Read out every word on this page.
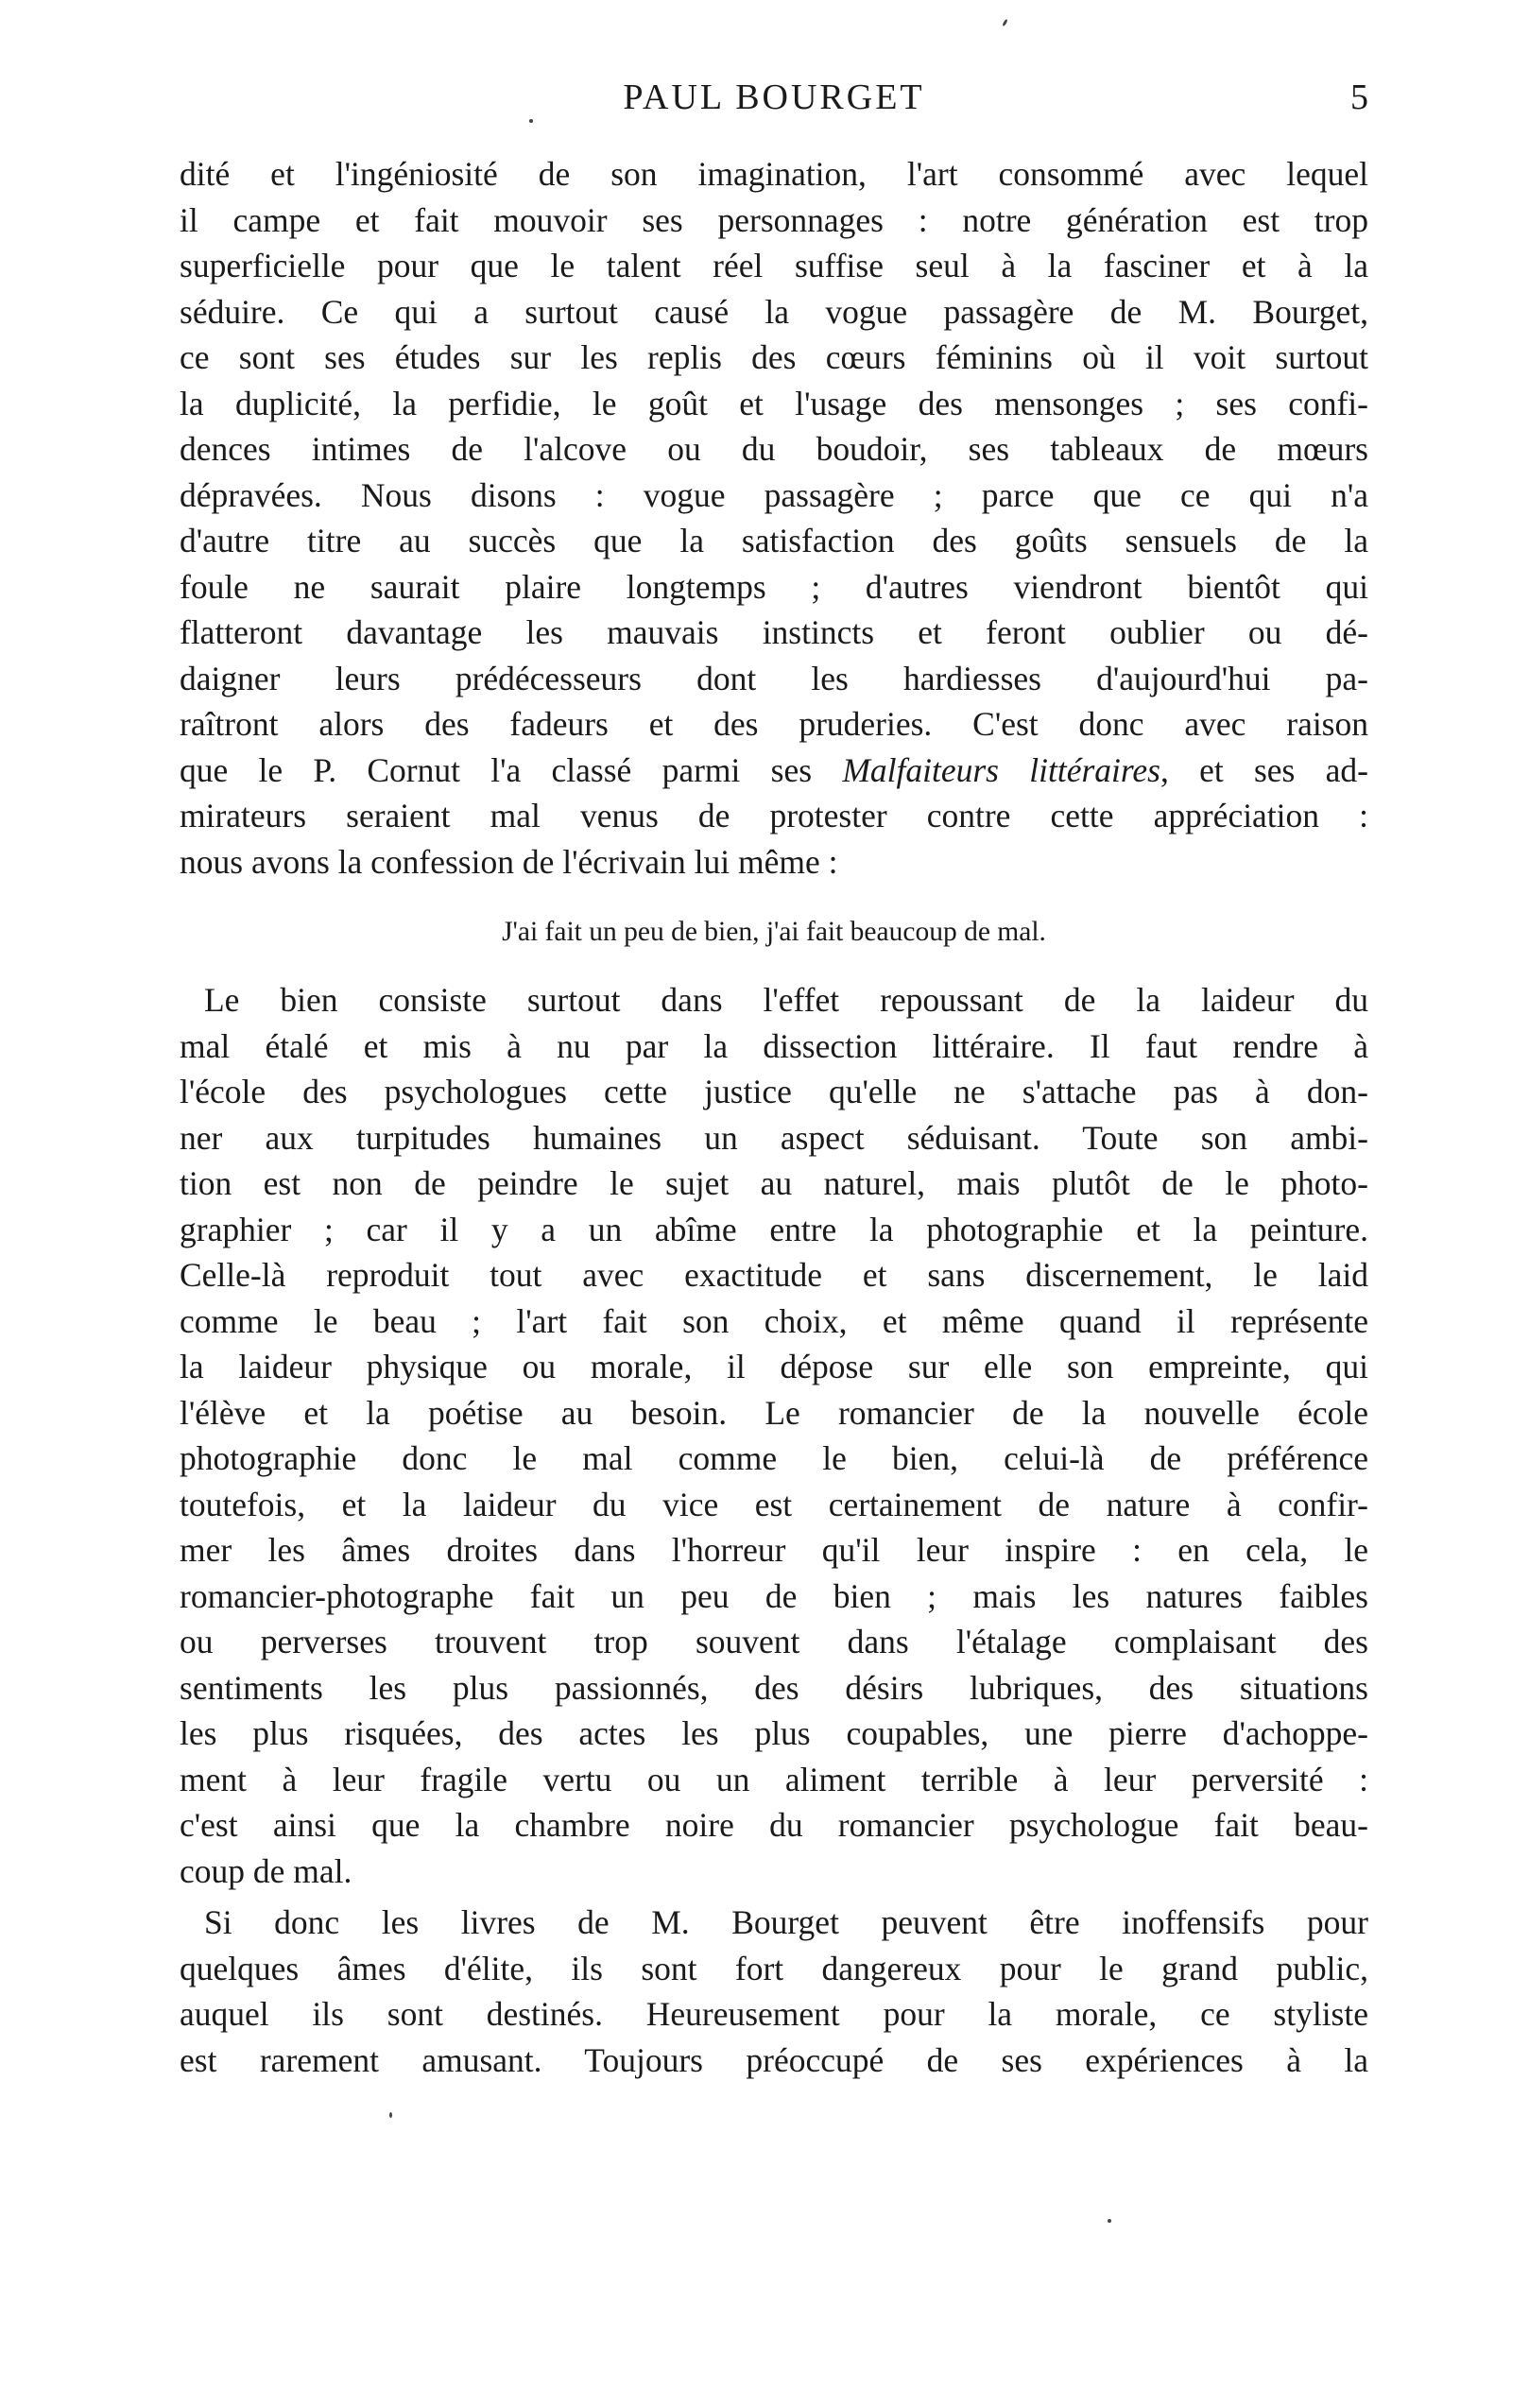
PAUL BOURGET	5
dité et l'ingéniosité de son imagination, l'art consommé avec lequel
il campe et fait mouvoir ses personnages : notre génération est trop
superficielle pour que le talent réel suffise seul à la fasciner et à la
séduire. Ce qui a surtout causé la vogue passagère de M. Bourget,
ce sont ses études sur les replis des cœurs féminins où il voit surtout
la duplicité, la perfidie, le goût et l'usage des mensonges ; ses confi-
dences intimes de l'alcove ou du boudoir, ses tableaux de mœurs
dépravées. Nous disons : vogue passagère ; parce que ce qui n'a
d'autre titre au succès que la satisfaction des goûts sensuels de la
foule ne saurait plaire longtemps ; d'autres viendront bientôt qui
flatteront davantage les mauvais instincts et feront oublier ou dé-
daigner leurs prédécesseurs dont les hardiesses d'aujourd'hui pa-
raîtront alors des fadeurs et des pruderies. C'est donc avec raison
que le P. Cornut l'a classé parmi ses Malfaiteurs littéraires, et ses ad-
mirateurs seraient mal venus de protester contre cette appréciation :
nous avons la confession de l'écrivain lui même :
J'ai fait un peu de bien, j'ai fait beaucoup de mal.
Le bien consiste surtout dans l'effet repoussant de la laideur du
mal étalé et mis à nu par la dissection littéraire. Il faut rendre à
l'école des psychologues cette justice qu'elle ne s'attache pas à don-
ner aux turpitudes humaines un aspect séduisant. Toute son ambi-
tion est non de peindre le sujet au naturel, mais plutôt de le photo-
graphier ; car il y a un abîme entre la photographie et la peinture.
Celle-là reproduit tout avec exactitude et sans discernement, le laid
comme le beau ; l'art fait son choix, et même quand il représente
la laideur physique ou morale, il dépose sur elle son empreinte, qui
l'élève et la poétise au besoin. Le romancier de la nouvelle école
photographie donc le mal comme le bien, celui-là de préférence
toutefois, et la laideur du vice est certainement de nature à confir-
mer les âmes droites dans l'horreur qu'il leur inspire : en cela, le
romancier-photographe fait un peu de bien ; mais les natures faibles
ou perverses trouvent trop souvent dans l'étalage complaisant des
sentiments les plus passionnés, des désirs lubriques, des situations
les plus risquées, des actes les plus coupables, une pierre d'achoppe-
ment à leur fragile vertu ou un aliment terrible à leur perversité :
c'est ainsi que la chambre noire du romancier psychologue fait beau-
coup de mal.
Si donc les livres de M. Bourget peuvent être inoffensifs pour
quelques âmes d'élite, ils sont fort dangereux pour le grand public,
auquel ils sont destinés. Heureusement pour la morale, ce styliste
est rarement amusant. Toujours préoccupé de ses expériences à la
